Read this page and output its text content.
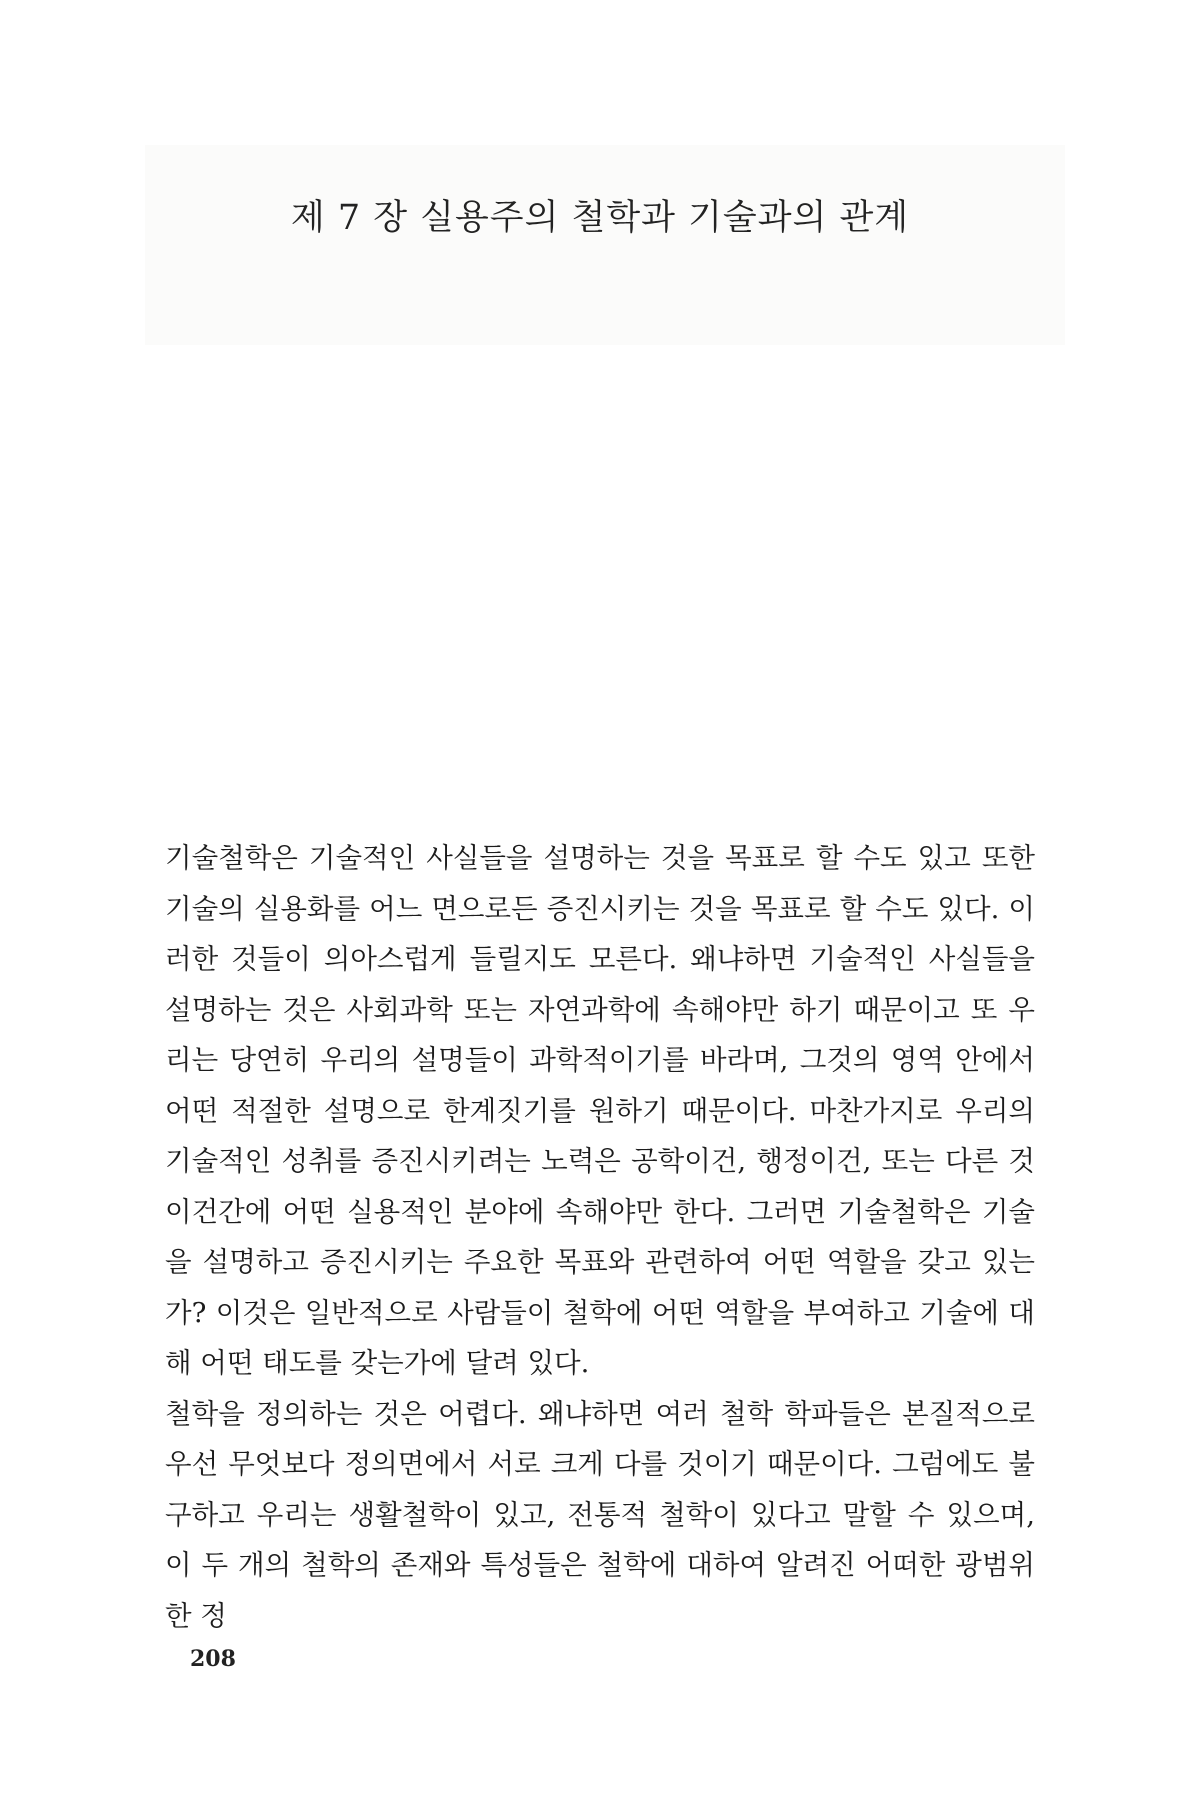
제 7 장 실용주의 철학과 기술과의 관계

기술철학은 기술적인 사실들을 설명하는 것을 목표로 할 수도 있고 또한 기술의 실용화를 어느 면으로든 증진시키는 것을 목표로 할 수도 있다. 이러한 것들이 의아스럽게 들릴지도 모른다. 왜냐하면 기술적인 사실들을 설명하는 것은 사회과학 또는 자연과학에 속해야만 하기 때문이고 또 우리는 당연히 우리의 설명들이 과학적이기를 바라며, 그것의 영역 안에서 어떤 적절한 설명으로 한계짓기를 원하기 때문이다. 마찬가지로 우리의 기술적인 성취를 증진시키려는 노력은 공학이건, 행정이건, 또는 다른 것이건간에 어떤 실용적인 분야에 속해야만 한다. 그러면 기술철학은 기술을 설명하고 증진시키는 주요한 목표와 관련하여 어떤 역할을 갖고 있는가? 이것은 일반적으로 사람들이 철학에 어떤 역할을 부여하고 기술에 대해 어떤 태도를 갖는가에 달려 있다.

철학을 정의하는 것은 어렵다. 왜냐하면 여러 철학 학파들은 본질적으로 우선 무엇보다 정의면에서 서로 크게 다를 것이기 때문이다. 그럼에도 불구하고 우리는 생활철학이 있고, 전통적 철학이 있다고 말할 수 있으며, 이 두 개의 철학의 존재와 특성들은 철학에 대하여 알려진 어떠한 광범위한 정

208
